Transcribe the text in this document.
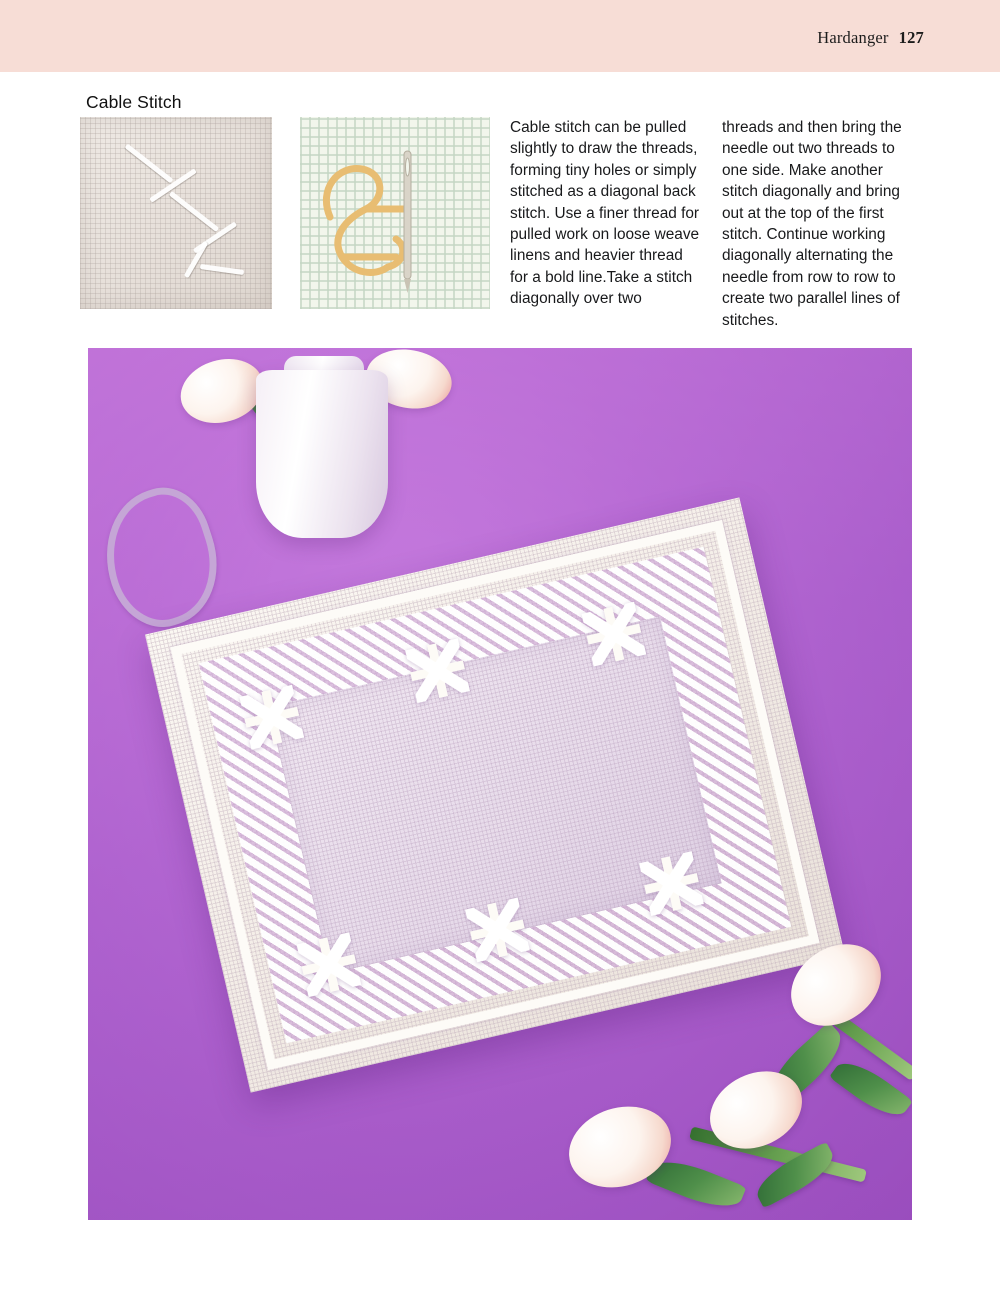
Hardanger 127
Cable Stitch
Cable stitch can be pulled slightly to draw the threads, forming tiny holes or simply stitched as a diagonal back stitch. Use a finer thread for pulled work on loose weave linens and heavier thread for a bold line.Take a stitch diagonally over two
threads and then bring the needle out two threads to one side. Make another stitch diagonally and bring out at the top of the first stitch. Continue working diagonally alternating the needle from row to row to create two parallel lines of stitches.
